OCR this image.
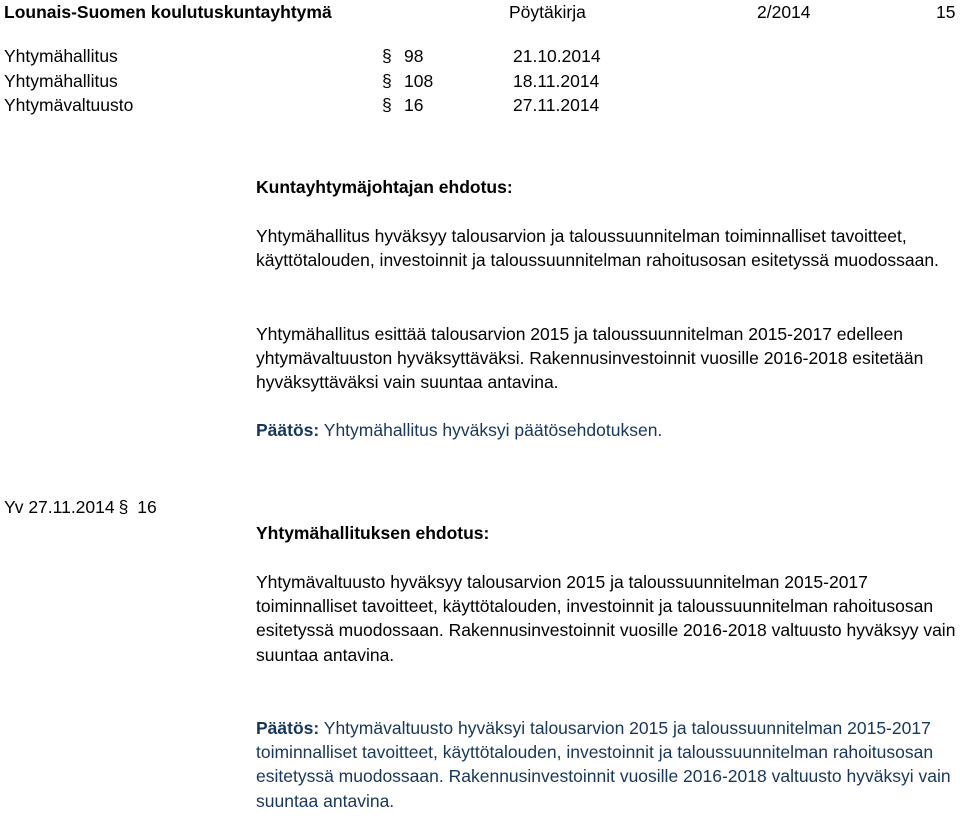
Lounais-Suomen koulutuskuntayhtymä	Pöytäkirja	2/2014	15
Yhtymähallitus	§ 98	21.10.2014
Yhtymähallitus	§ 108	18.11.2014
Yhtymävaltuusto	§ 16	27.11.2014
Kuntayhtymäjohtajan ehdotus:

Yhtymähallitus hyväksyy talousarvion ja taloussuunnitelman toiminnalliset tavoitteet, käyttötalouden, investoinnit ja taloussuunnitelman rahoitusosan esitetyssä muodossaan.

Yhtymähallitus esittää talousarvion 2015 ja taloussuunnitelman 2015-2017 edelleen yhtymävaltuuston hyväksyttäväksi. Rakennusinvestoinnit vuosille 2016-2018 esitetään hyväksyttäväksi vain suuntaa antavina.

Päätös: Yhtymähallitus hyväksyi päätösehdotuksen.
Yv 27.11.2014 § 16
Yhtymähallituksen ehdotus:

Yhtymävaltuusto hyväksyy talousarvion 2015 ja taloussuunnitelman 2015-2017 toiminnalliset tavoitteet, käyttötalouden, investoinnit ja taloussuunnitelman rahoitusosan esitetyssä muodossaan. Rakennusinvestoinnit vuosille 2016-2018 valtuusto hyväksyy vain suuntaa antavina.

Päätös: Yhtymävaltuusto hyväksyi talousarvion 2015 ja taloussuunnitelman 2015-2017 toiminnalliset tavoitteet, käyttötalouden, investoinnit ja taloussuunnitelman rahoitusosan esitetyssä muodossaan. Rakennusinvestoinnit vuosille 2016-2018 valtuusto hyväksyi vain suuntaa antavina.
